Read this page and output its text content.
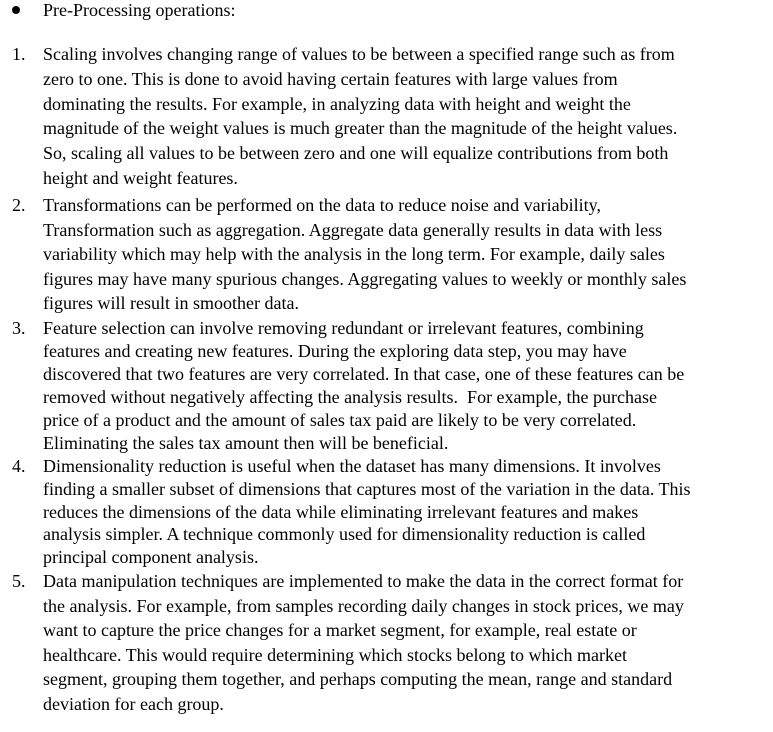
Pre-Processing operations:
1. Scaling involves changing range of values to be between a specified range such as from
zero to one. This is done to avoid having certain features with large values from
dominating the results. For example, in analyzing data with height and weight the
magnitude of the weight values is much greater than the magnitude of the height values.
So, scaling all values to be between zero and one will equalize contributions from both
height and weight features.
2. Transformations can be performed on the data to reduce noise and variability,
Transformation such as aggregation. Aggregate data generally results in data with less
variability which may help with the analysis in the long term. For example, daily sales
figures may have many spurious changes. Aggregating values to weekly or monthly sales
figures will result in smoother data.
3. Feature selection can involve removing redundant or irrelevant features, combining
features and creating new features. During the exploring data step, you may have
discovered that two features are very correlated. In that case, one of these features can be
removed without negatively affecting the analysis results.  For example, the purchase
price of a product and the amount of sales tax paid are likely to be very correlated.
Eliminating the sales tax amount then will be beneficial.
4. Dimensionality reduction is useful when the dataset has many dimensions. It involves
finding a smaller subset of dimensions that captures most of the variation in the data. This
reduces the dimensions of the data while eliminating irrelevant features and makes
analysis simpler. A technique commonly used for dimensionality reduction is called
principal component analysis.
5. Data manipulation techniques are implemented to make the data in the correct format for
the analysis. For example, from samples recording daily changes in stock prices, we may
want to capture the price changes for a market segment, for example, real estate or
healthcare. This would require determining which stocks belong to which market
segment, grouping them together, and perhaps computing the mean, range and standard
deviation for each group.
